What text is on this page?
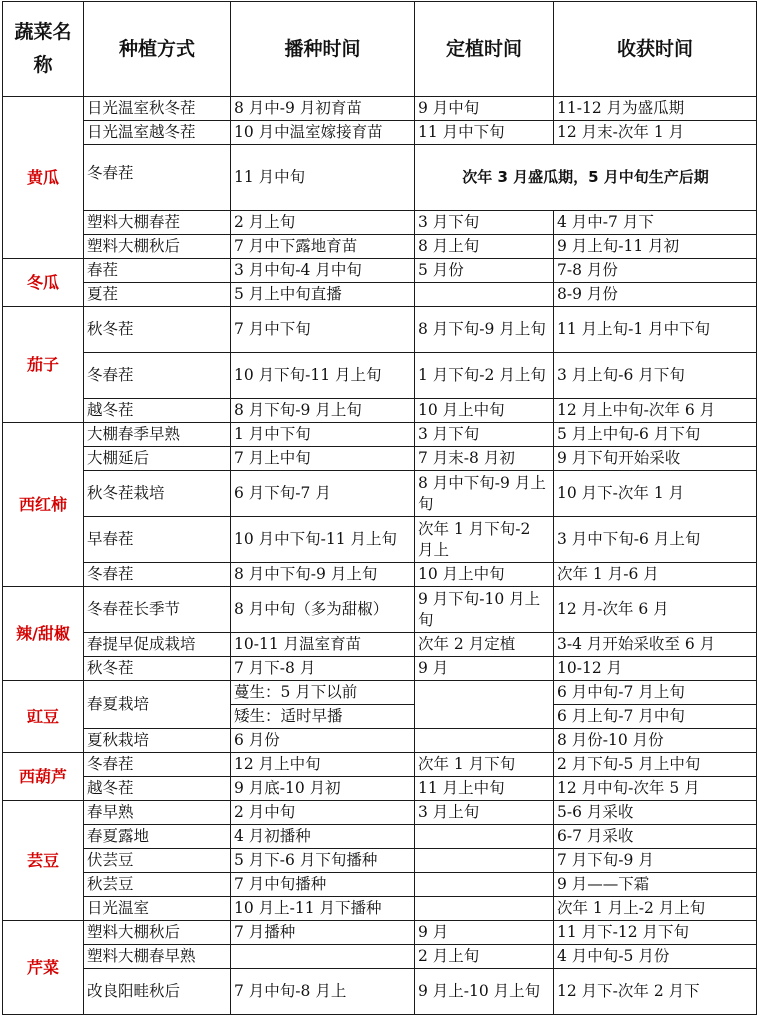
蔬菜名称	种植方式	播种时间	定植时间	收获时间
黄瓜	日光温室秋冬茬	8 月中-9 月初育苗	9 月中旬	11-12 月为盛瓜期
	日光温室越冬茬	10 月中温室嫁接育苗	11 月中下旬	12 月末-次年 1 月
	冬春茬	11 月中旬	次年 3 月盛瓜期，5 月中旬生产后期	
	塑料大棚春茬	2 月上旬	3 月下旬	4 月中-7 月下
	塑料大棚秋后	7 月中下露地育苗	8 月上旬	9 月上旬-11 月初
冬瓜	春茬	3 月中旬-4 月中旬	5 月份	7-8 月份
	夏茬	5 月上中旬直播		8-9 月份
茄子	秋冬茬	7 月中下旬	8 月下旬-9 月上旬	11 月上旬-1 月中下旬
	冬春茬	10 月下旬-11 月上旬	1 月下旬-2 月上旬	3 月上旬-6 月下旬
	越冬茬	8 月下旬-9 月上旬	10 月上中旬	12 月上中旬-次年 6 月
西红柿	大棚春季早熟	1 月中下旬	3 月下旬	5 月上中旬-6 月下旬
	大棚延后	7 月上中旬	7 月末-8 月初	9 月下旬开始采收
	秋冬茬栽培	6 月下旬-7 月	8 月中下旬-9 月上旬	10 月下-次年 1 月
	早春茬	10 月中下旬-11 月上旬	次年 1 月下旬-2 月上	3 月中下旬-6 月上旬
	冬春茬	8 月中下旬-9 月上旬	10 月上中旬	次年 1 月-6 月
辣/甜椒	冬春茬长季节	8 月中旬（多为甜椒）	9 月下旬-10 月上旬	12 月-次年 6 月
	春提早促成栽培	10-11 月温室育苗	次年 2 月定植	3-4 月开始采收至 6 月
	秋冬茬	7 月下-8 月	9 月	10-12 月
豇豆	春夏栽培	蔓生：5 月下以前		6 月中旬-7 月上旬
		矮生：适时早播		6 月上旬-7 月中旬
	夏秋栽培	6 月份		8 月份-10 月份
西葫芦	冬春茬	12 月上中旬	次年 1 月下旬	2 月下旬-5 月上中旬
	越冬茬	9 月底-10 月初	11 月上中旬	12 月中旬-次年 5 月
芸豆	春早熟	2 月中旬	3 月上旬	5-6 月采收
	春夏露地	4 月初播种		6-7 月采收
	伏芸豆	5 月下-6 月下旬播种		7 月下旬-9 月
	秋芸豆	7 月中旬播种		9 月——下霜
	日光温室	10 月上-11 月下播种		次年 1 月上-2 月上旬
芹菜	塑料大棚秋后	7 月播种	9 月	11 月下-12 月下旬
	塑料大棚春早熟		2 月上旬	4 月中旬-5 月份
	改良阳畦秋后	7 月中旬-8 月上	9 月上-10 月上旬	12 月下-次年 2 月下
